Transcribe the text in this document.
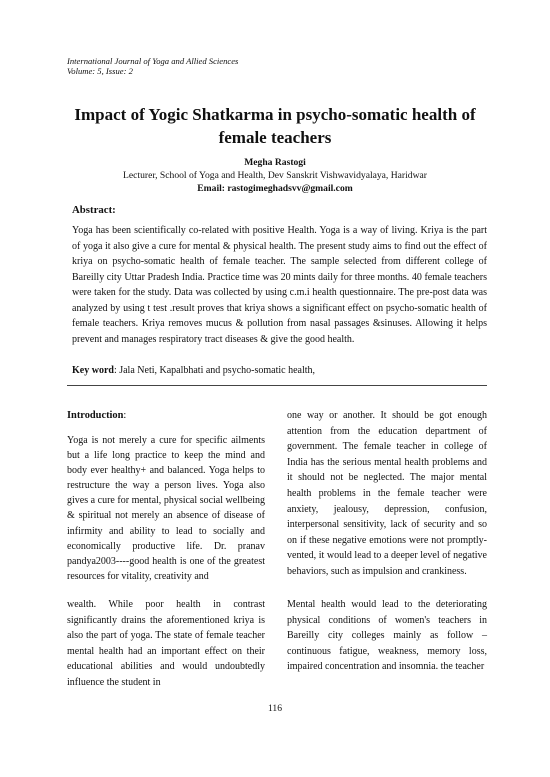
International Journal of Yoga and Allied Sciences
Volume: 5, Issue: 2
Impact of Yogic Shatkarma in psycho-somatic health of female teachers
Megha Rastogi
Lecturer, School of Yoga and Health, Dev Sanskrit Vishwavidyalaya, Haridwar
Email: rastogimeghadsvv@gmail.com
Abstract:

Yoga has been scientifically co-related with positive Health. Yoga is a way of living. Kriya is the part of yoga it also give a cure for mental & physical health. The present study aims to find out the effect of kriya on psycho-somatic health of female teacher. The sample selected from different college of Bareilly city Uttar Pradesh India. Practice time was 20 mints daily for three months. 40 female teachers were taken for the study. Data was collected by using c.m.i health questionnaire. The pre-post data was analyzed by using t test .result proves that kriya shows a significant effect on psycho-somatic health of female teachers. Kriya removes mucus & pollution from nasal passages &sinuses. Allowing it helps prevent and manages respiratory tract diseases & give the good health.

Key word: Jala Neti, Kapalbhati and psycho-somatic health,
Introduction:

Yoga is not merely a cure for specific ailments but a life long practice to keep the mind and body ever healthy+ and balanced. Yoga helps to restructure the way a person lives. Yoga also gives a cure for mental, physical social wellbeing & spiritual not merely an absence of disease of infirmity and ability to lead to socially and economically productive life. Dr. pranav pandya2003----good health is one of the greatest resources for vitality, creativity and

wealth. While poor health in contrast significantly drains the aforementioned kriya is also the part of yoga. The state of female teacher mental health had an important effect on their educational abilities and would undoubtedly influence the student in

one way or another. It should be got enough attention from the education department of government. The female teacher in college of India has the serious mental health problems and it should not be neglected. The major mental health problems in the female teacher were anxiety, jealousy, depression, confusion, interpersonal sensitivity, lack of security and so on if these negative emotions were not promptly-vented, it would lead to a deeper level of negative behaviors, such as impulsion and crankiness.

Mental health would lead to the deteriorating physical conditions of women's teachers in Bareilly city colleges mainly as follow – continuous fatigue, weakness, memory loss, impaired concentration and insomnia. the teacher

116
